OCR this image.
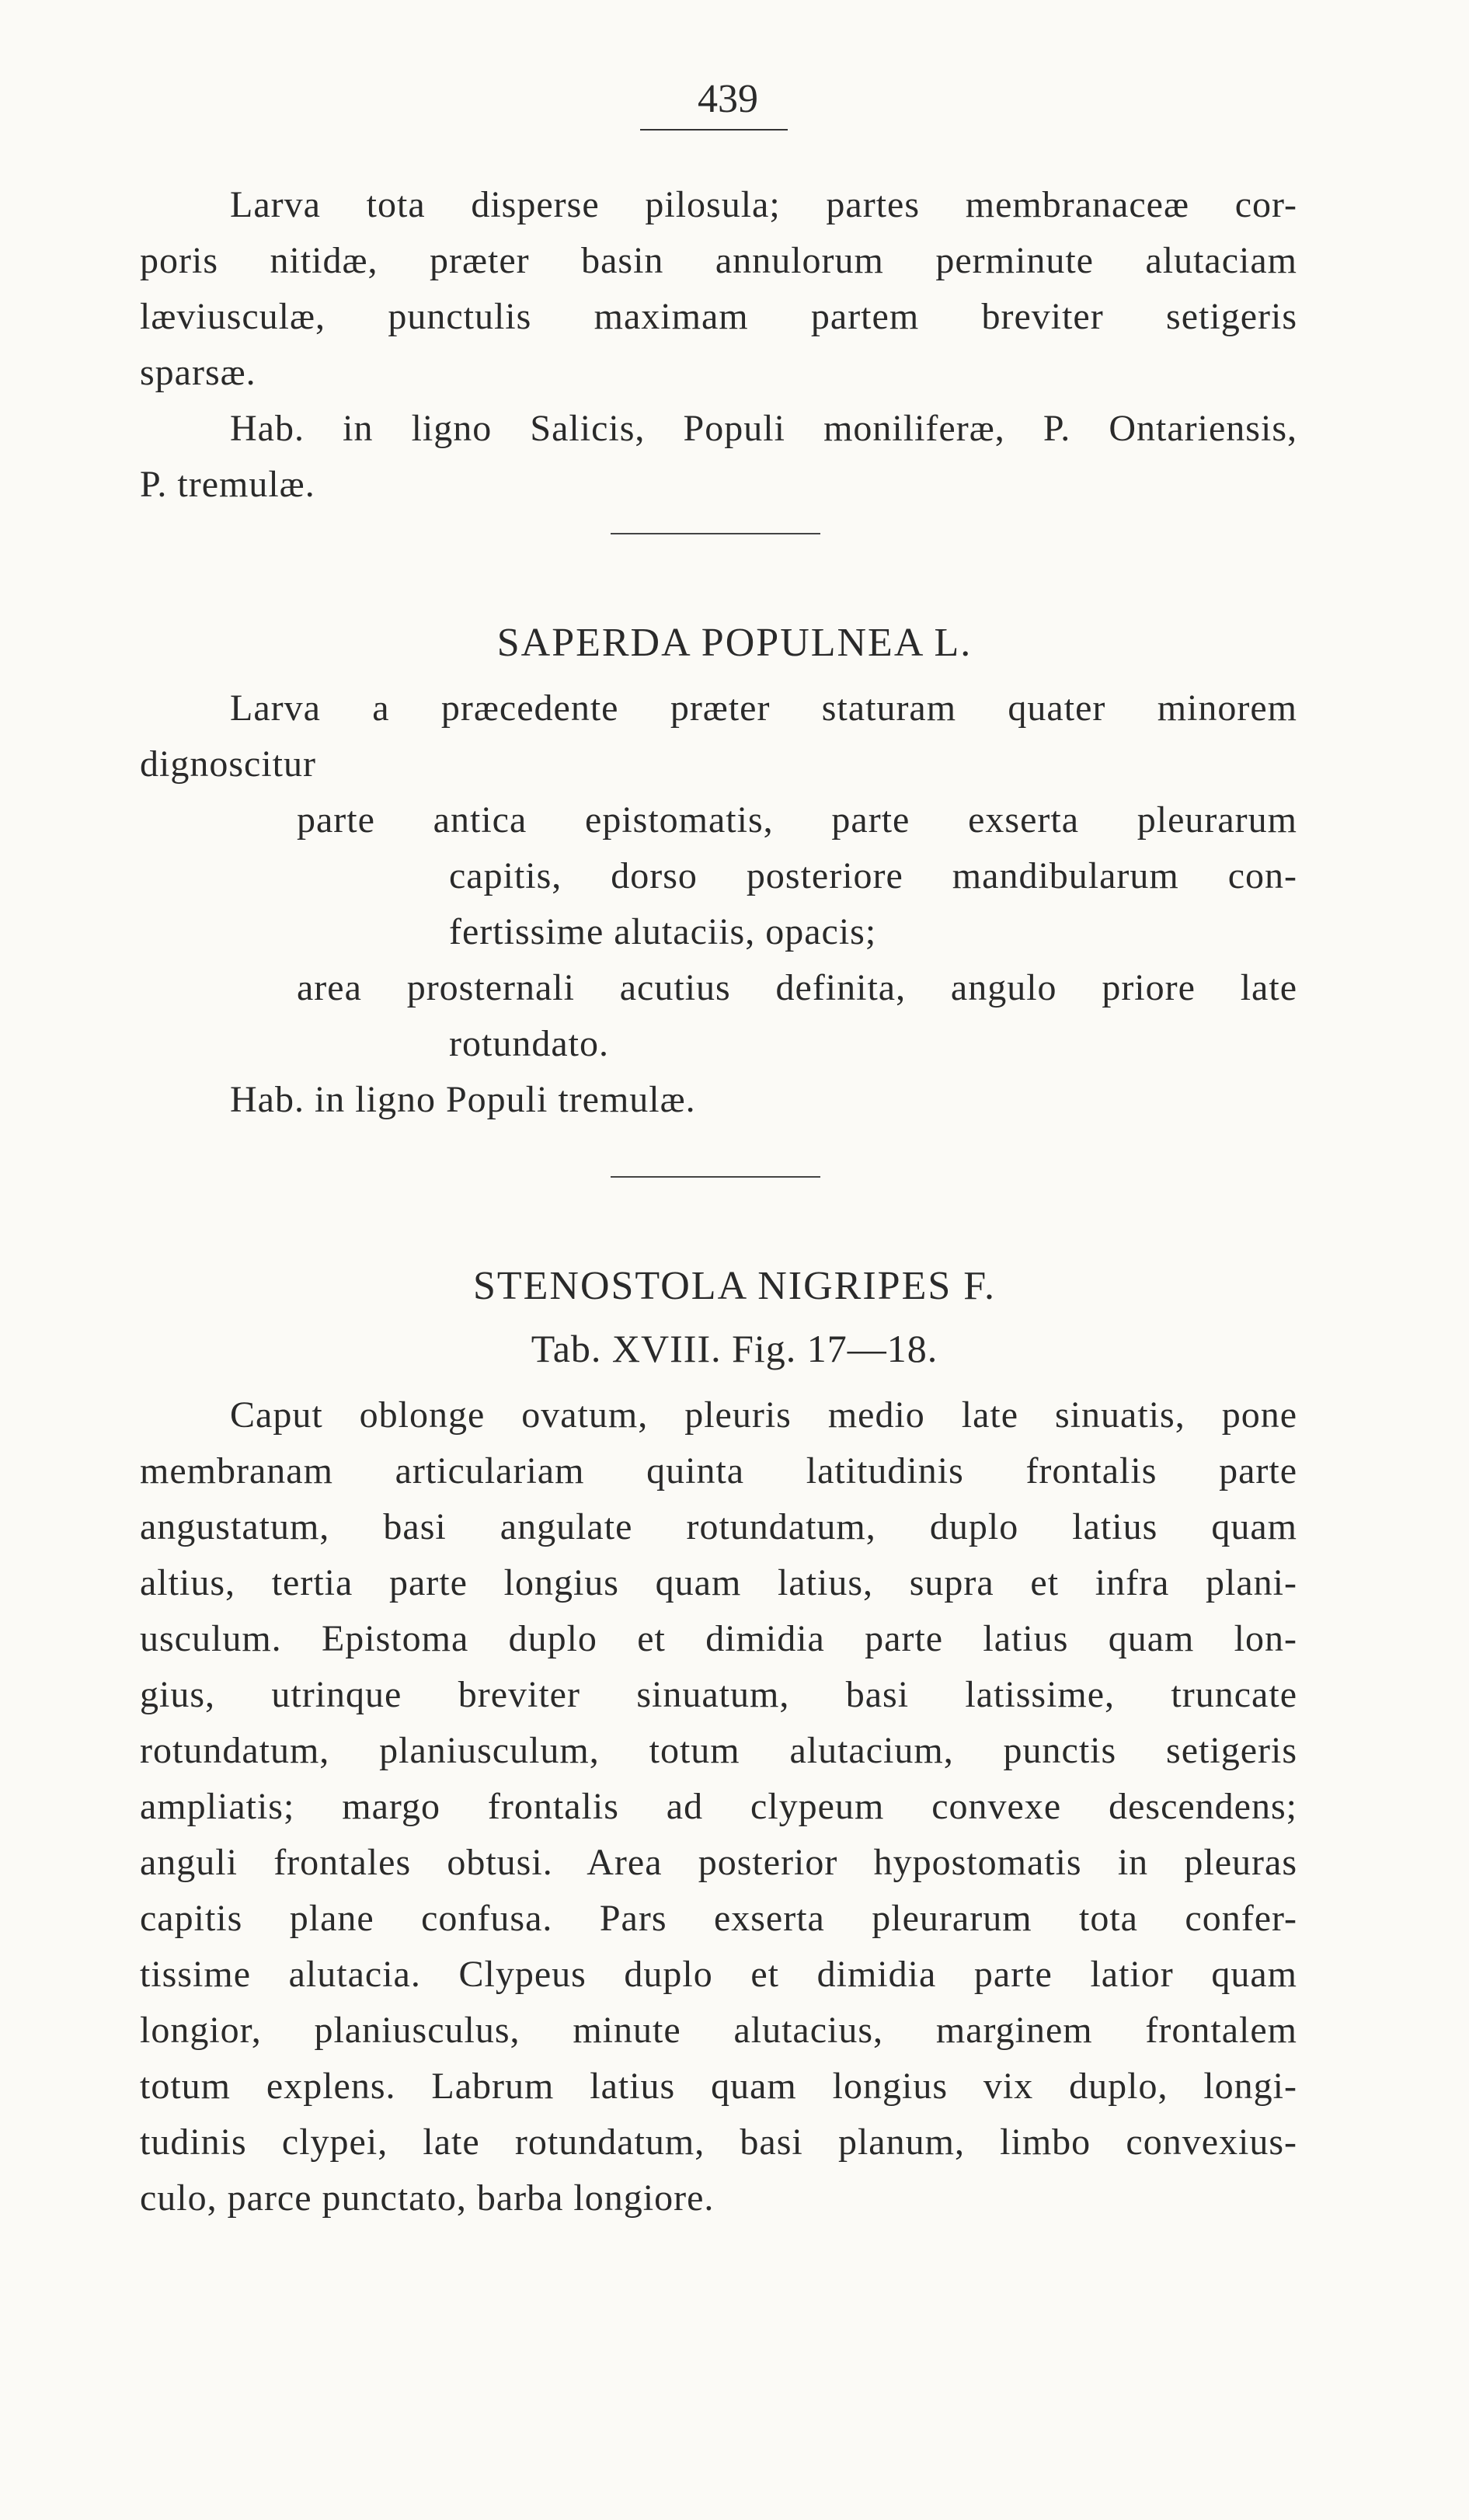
439
Larva tota disperse pilosula; partes membranaceæ cor-
poris nitidæ, præter basin annulorum perminute alutaciam
læviusculæ, punctulis maximam partem breviter setigeris
sparsæ.
Hab. in ligno Salicis, Populi moniliferæ, P. Ontariensis,
P. tremulæ.
SAPERDA POPULNEA L.
Larva a præcedente præter staturam quater minorem
dignoscitur
parte antica epistomatis, parte exserta pleurarum
capitis, dorso posteriore mandibularum con-
fertissime alutaciis, opacis;
area prosternali acutius definita, angulo priore late
rotundato.
Hab. in ligno Populi tremulæ.
STENOSTOLA NIGRIPES F.
Tab. XVIII. Fig. 17—18.
Caput oblonge ovatum, pleuris medio late sinuatis, pone
membranam articulariam quinta latitudinis frontalis parte
angustatum, basi angulate rotundatum, duplo latius quam
altius, tertia parte longius quam latius, supra et infra plani-
usculum. Epistoma duplo et dimidia parte latius quam lon-
gius, utrinque breviter sinuatum, basi latissime, truncate
rotundatum, planiusculum, totum alutacium, punctis setigeris
ampliatis; margo frontalis ad clypeum convexe descendens;
anguli frontales obtusi. Area posterior hypostomatis in pleuras
capitis plane confusa. Pars exserta pleurarum tota confer-
tissime alutacia. Clypeus duplo et dimidia parte latior quam
longior, planiusculus, minute alutacius, marginem frontalem
totum explens. Labrum latius quam longius vix duplo, longi-
tudinis clypei, late rotundatum, basi planum, limbo convexius-
culo, parce punctato, barba longiore.
